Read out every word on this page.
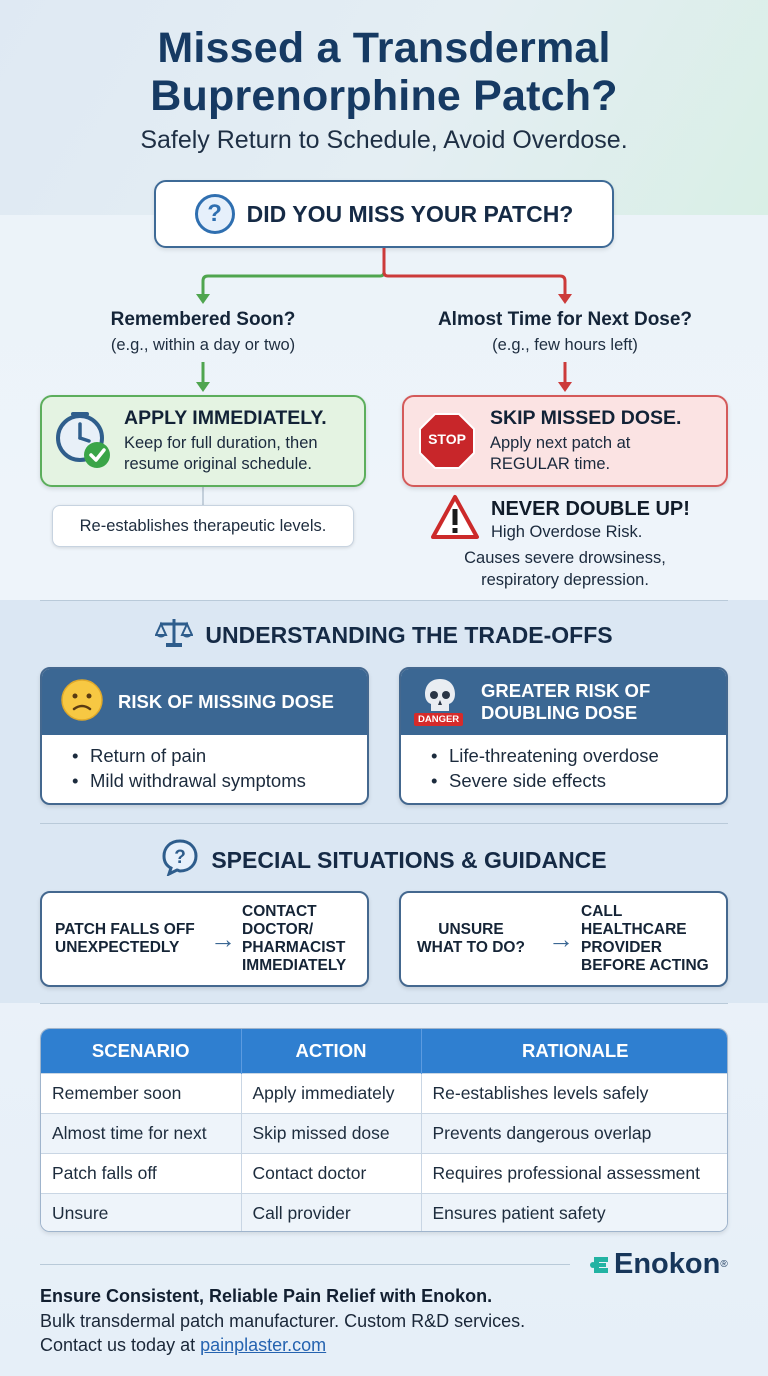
Missed a Transdermal
Buprenorphine Patch?
Safely Return to Schedule, Avoid Overdose.
?	DID YOU MISS YOUR PATCH?
Remembered Soon?
(e.g., within a day or two)
APPLY IMMEDIATELY.
Keep for full duration, then
resume original schedule.
Re-establishes therapeutic levels.
Almost Time for Next Dose?
(e.g., few hours left)
STOP
SKIP MISSED DOSE.
Apply next patch at
REGULAR time.
NEVER DOUBLE UP!
High Overdose Risk.
Causes severe drowsiness,
respiratory depression.
UNDERSTANDING THE TRADE-OFFS
RISK OF MISSING DOSE
• Return of pain
• Mild withdrawal symptoms
DANGER
GREATER RISK OF
DOUBLING DOSE
• Life-threatening overdose
• Severe side effects
? SPECIAL SITUATIONS & GUIDANCE
PATCH FALLS OFF
UNEXPECTEDLY	→
CONTACT
DOCTOR/
PHARMACIST
IMMEDIATELY
UNSURE
WHAT TO DO? →
CALL
HEALTHCARE
PROVIDER
BEFORE ACTING
SCENARIO	ACTION	RATIONALE
Remember soon	Apply immediately	Re-establishes levels safely
Almost time for next	Skip missed dose	Prevents dangerous overlap
Patch falls off	Contact doctor	Requires professional assessment
Unsure	Call provider	Ensures patient safety
Enokon ®
Ensure Consistent, Reliable Pain Relief with Enokon.
Bulk transdermal patch manufacturer. Custom R&D services.
Contact us today at painplaster.com
